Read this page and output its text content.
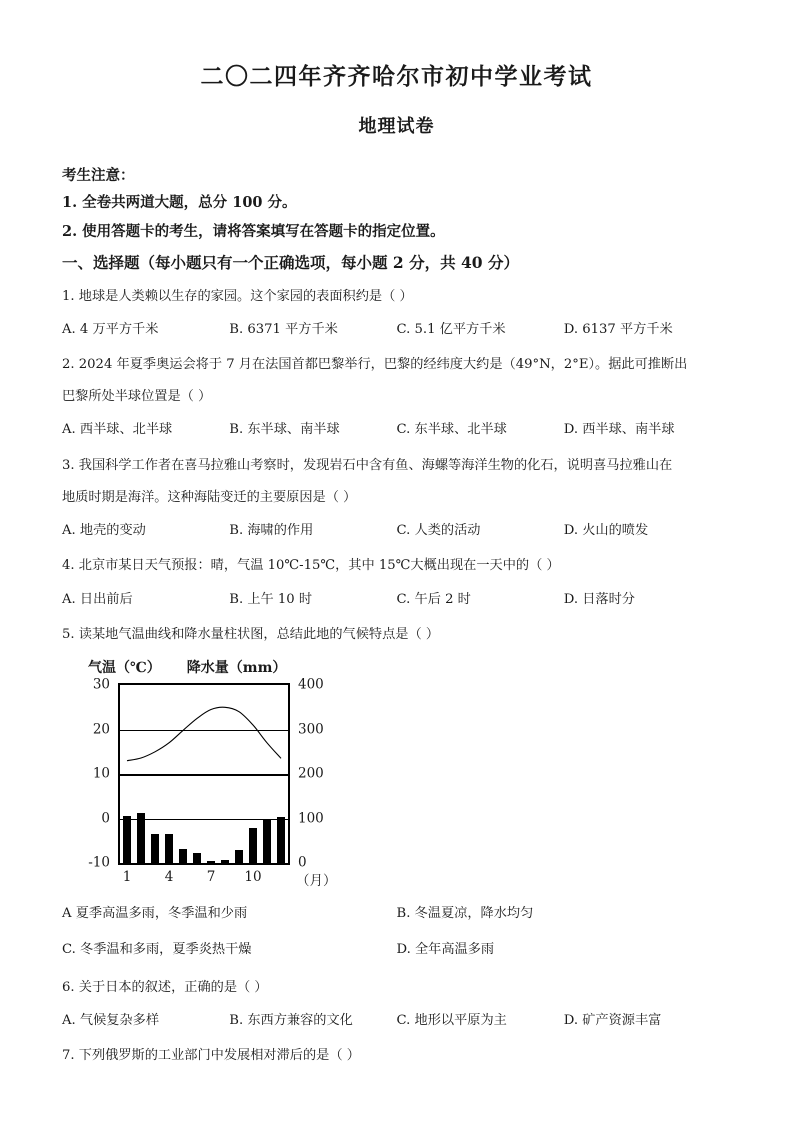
二〇二四年齐齐哈尔市初中学业考试
地理试卷
考生注意：
1. 全卷共两道大题，总分 100 分。
2. 使用答题卡的考生，请将答案填写在答题卡的指定位置。
一、选择题（每小题只有一个正确选项，每小题 2 分，共 40 分）
1. 地球是人类赖以生存的家园。这个家园的表面积约是（ ）
A. 4 万平方千米	B. 6371 平方千米	C. 5.1 亿平方千米	D. 6137 平方千米
2. 2024 年夏季奥运会将于 7 月在法国首都巴黎举行，巴黎的经纬度大约是（49°N，2°E）。据此可推断出
巴黎所处半球位置是（ ）
A. 西半球、北半球	B. 东半球、南半球	C. 东半球、北半球	D. 西半球、南半球
3. 我国科学工作者在喜马拉雅山考察时，发现岩石中含有鱼、海螺等海洋生物的化石，说明喜马拉雅山在
地质时期是海洋。这种海陆变迁的主要原因是（ ）
A. 地壳的变动	B. 海啸的作用	C. 人类的活动	D. 火山的喷发
4. 北京市某日天气预报：晴，气温 10℃-15℃，其中 15℃大概出现在一天中的（ ）
A. 日出前后	B. 上午 10 时	C. 午后 2 时	D. 日落时分
5. 读某地气温曲线和降水量柱状图，总结此地的气候特点是（ ）
气温（℃） 降水量（mm）
30
20
10
0
-10
400
300
200
100
0
1 4 7 10	（月）
A 夏季高温多雨，冬季温和少雨	B. 冬温夏凉，降水均匀
C. 冬季温和多雨，夏季炎热干燥	D. 全年高温多雨
6. 关于日本的叙述，正确的是（ ）
A. 气候复杂多样	B. 东西方兼容的文化	C. 地形以平原为主	D. 矿产资源丰富
7. 下列俄罗斯的工业部门中发展相对滞后的是（ ）
